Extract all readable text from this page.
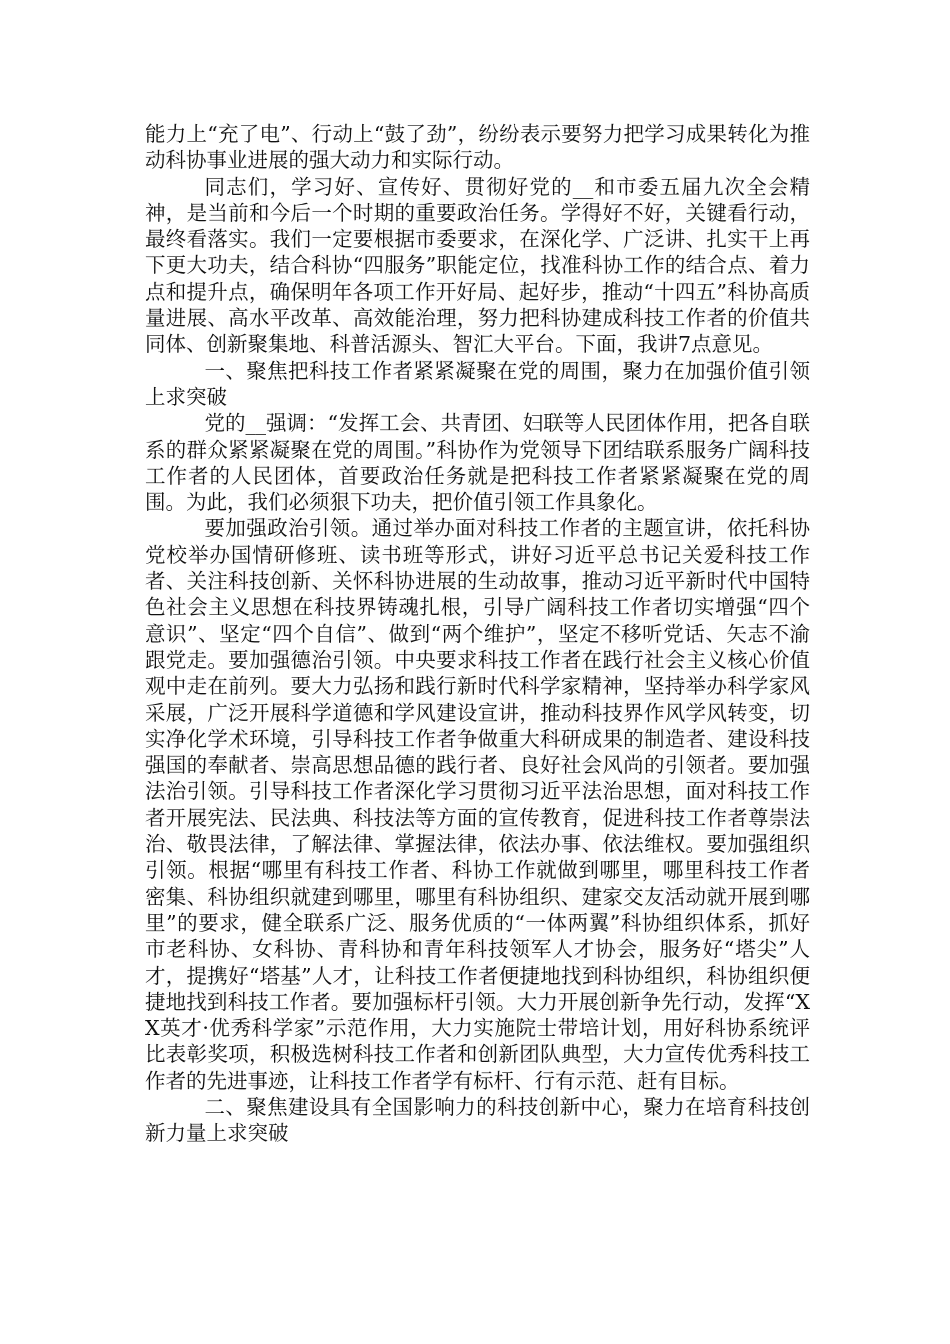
能力上“充了电”、行动上“鼓了劲”，纷纷表示要努力把学习成果转化为推动科协事业进展的强大动力和实际行动。

同志们，学习好、宣传好、贯彻好党的__和市委五届九次全会精神，是当前和今后一个时期的重要政治任务。学得好不好，关键看行动，最终看落实。我们一定要根据市委要求，在深化学、广泛讲、扎实干上再下更大功夫，结合科协“四服务”职能定位，找准科协工作的结合点、着力点和提升点，确保明年各项工作开好局、起好步，推动“十四五”科协高质量进展、高水平改革、高效能治理，努力把科协建成科技工作者的价值共同体、创新聚集地、科普活源头、智汇大平台。下面，我讲7点意见。

一、聚焦把科技工作者紧紧凝聚在党的周围，聚力在加强价值引领上求突破

党的__强调：“发挥工会、共青团、妇联等人民团体作用，把各自联系的群众紧紧凝聚在党的周围。”科协作为党领导下团结联系服务广阔科技工作者的人民团体，首要政治任务就是把科技工作者紧紧凝聚在党的周围。为此，我们必须狠下功夫，把价值引领工作具象化。

要加强政治引领。通过举办面对科技工作者的主题宣讲，依托科协党校举办国情研修班、读书班等形式，讲好习近平总书记关爱科技工作者、关注科技创新、关怀科协进展的生动故事，推动习近平新时代中国特色社会主义思想在科技界铸魂扎根，引导广阔科技工作者切实增强“四个意识”、坚定“四个自信”、做到“两个维护”，坚定不移听党话、矢志不渝跟党走。要加强德治引领。中央要求科技工作者在践行社会主义核心价值观中走在前列。要大力弘扬和践行新时代科学家精神，坚持举办科学家风采展，广泛开展科学道德和学风建设宣讲，推动科技界作风学风转变，切实净化学术环境，引导科技工作者争做重大科研成果的制造者、建设科技强国的奉献者、崇高思想品德的践行者、良好社会风尚的引领者。要加强法治引领。引导科技工作者深化学习贯彻习近平法治思想，面对科技工作者开展宪法、民法典、科技法等方面的宣传教育，促进科技工作者尊崇法治、敬畏法律，了解法律、掌握法律，依法办事、依法维权。要加强组织引领。根据“哪里有科技工作者、科协工作就做到哪里，哪里科技工作者密集、科协组织就建到哪里，哪里有科协组织、建家交友活动就开展到哪里”的要求，健全联系广泛、服务优质的“一体两翼”科协组织体系，抓好市老科协、女科协、青科协和青年科技领军人才协会，服务好“塔尖”人才，提携好“塔基”人才，让科技工作者便捷地找到科协组织，科协组织便捷地找到科技工作者。要加强标杆引领。大力开展创新争先行动，发挥“XX英才·优秀科学家”示范作用，大力实施院士带培计划，用好科协系统评比表彰奖项，积极选树科技工作者和创新团队典型，大力宣传优秀科技工作者的先进事迹，让科技工作者学有标杆、行有示范、赶有目标。

二、聚焦建设具有全国影响力的科技创新中心，聚力在培育科技创新力量上求突破
